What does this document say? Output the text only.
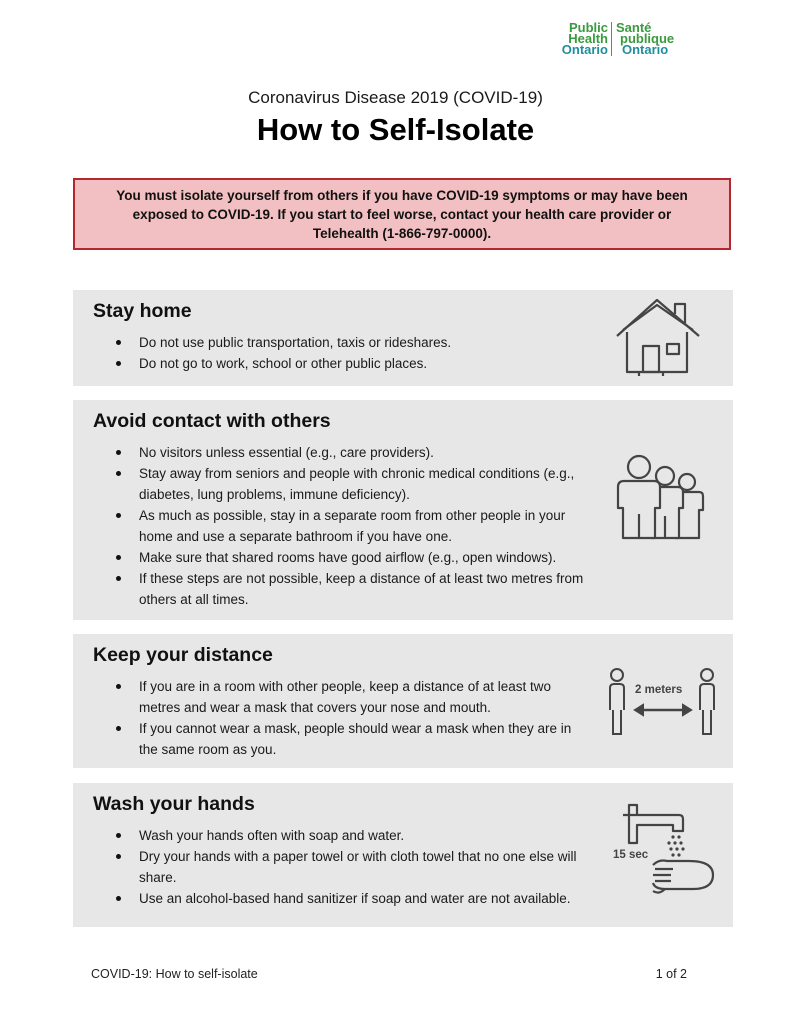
Public
Health
Ontario
Santé
publique
Ontario
Coronavirus Disease 2019 (COVID-19)
How to Self-Isolate
You must isolate yourself from others if you have COVID-19 symptoms or may have been exposed to COVID-19. If you start to feel worse, contact your health care provider or Telehealth (1-866-797-0000).
Stay home
Do not use public transportation, taxis or rideshares.
Do not go to work, school or other public places.
Avoid contact with others
No visitors unless essential (e.g., care providers).
Stay away from seniors and people with chronic medical conditions (e.g., diabetes, lung problems, immune deficiency).
As much as possible, stay in a separate room from other people in your home and use a separate bathroom if you have one.
Make sure that shared rooms have good airflow (e.g., open windows).
If these steps are not possible, keep a distance of at least two metres from others at all times.
Keep your distance
If you are in a room with other people, keep a distance of at least two metres and wear a mask that covers your nose and mouth.
If you cannot wear a mask, people should wear a mask when they are in the same room as you.
2 meters
Wash your hands
Wash your hands often with soap and water.
Dry your hands with a paper towel or with cloth towel that no one else will share.
Use an alcohol-based hand sanitizer if soap and water are not available.
15 sec
COVID-19: How to self-isolate	1 of 2
